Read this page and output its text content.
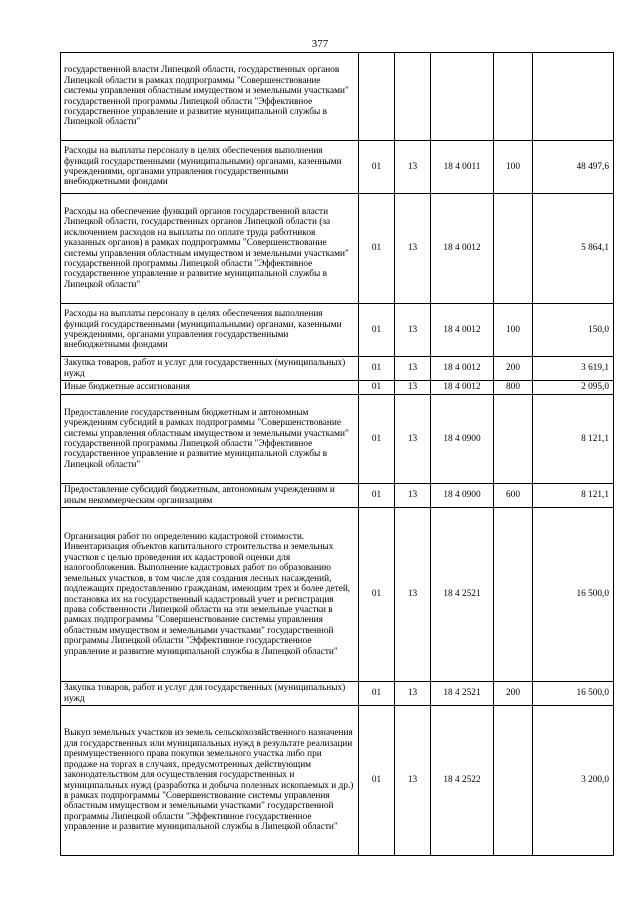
377
государственной власти Липецкой области, государственных органов Липецкой области в рамках подпрограммы "Совершенствование системы управления областным имуществом и земельными участками" государственной программы Липецкой области "Эффективное государственное управление и развитие муниципальной службы в Липецкой области"					
Расходы на выплаты персоналу в целях обеспечения выполнения функций государственными (муниципальными) органами, казенными учреждениями, органами управления государственными внебюджетными фондами	01	13	18 4 0011	100	48 497,6
Расходы на обеспечение функций органов государственной власти Липецкой области, государственных органов Липецкой области (за исключением расходов на выплаты по оплате труда работников указанных органов) в рамках подпрограммы "Совершенствование системы управления областным имуществом и земельными участками" государственной программы Липецкой области "Эффективное государственное управление и развитие муниципальной службы в Липецкой области"	01	13	18 4 0012		5 864,1
Расходы на выплаты персоналу в целях обеспечения выполнения функций государственными (муниципальными) органами, казенными учреждениями, органами управления государственными внебюджетными фондами	01	13	18 4 0012	100	150,0
Закупка товаров, работ и услуг для государственных (муниципальных) нужд	01	13	18 4 0012	200	3 619,1
Иные бюджетные ассигнования	01	13	18 4 0012	800	2 095,0
Предоставление государственным бюджетным и автономным учреждениям субсидий в рамках подпрограммы "Совершенствование системы управления областным имуществом и земельными участками" государственной программы Липецкой области "Эффективное государственное управление и развитие муниципальной службы в Липецкой области"	01	13	18 4 0900		8 121,1
Предоставление субсидий бюджетным, автономным учреждениям и иным некоммерческим организациям	01	13	18 4 0900	600	8 121,1
Организация работ по определению кадастровой стоимости. Инвентаризация объектов капитального строительства и земельных участков с целью проведения их кадастровой оценки для налогообложения. Выполнение кадастровых работ по образованию земельных участков, в том числе для создания лесных насаждений, подлежащих предоставлению гражданам, имеющим трех и более детей, постановка их на государственный кадастровый учет и регистрация права собственности Липецкой области на эти земельные участки в рамках подпрограммы "Совершенствование системы управления областным имуществом и земельными участками" государственной программы Липецкой области "Эффективное государственное управление и развитие муниципальной службы в Липецкой области"	01	13	18 4 2521		16 500,0
Закупка товаров, работ и услуг для государственных (муниципальных) нужд	01	13	18 4 2521	200	16 500,0
Выкуп земельных участков из земель сельскохозяйственного назначения для государственных или муниципальных нужд в результате реализации преимущественного права покупки земельного участка либо при продаже на торгах в случаях, предусмотренных действующим законодательством для осуществления государственных и муниципальных нужд (разработка и добыча полезных ископаемых и др.) в рамках подпрограммы "Совершенствование системы управления областным имуществом и земельными участками" государственной программы Липецкой области "Эффективное государственное управление и развитие муниципальной службы в Липецкой области"	01	13	18 4 2522		3 200,0
